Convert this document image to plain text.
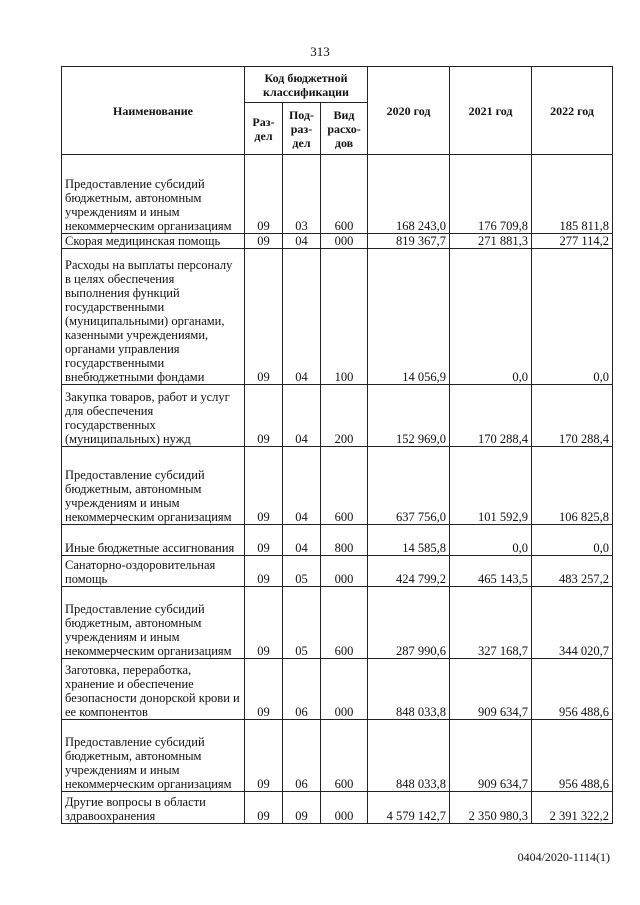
313
Наименование	Код бюджетной классификации			2020 год	2021 год	2022 год
	Раз-дел	Под-раз-дел	Вид расхо-дов			
Предоставление субсидий бюджетным, автономным учреждениям и иным некоммерческим организациям	09	03	600	168 243,0	176 709,8	185 811,8
Скорая медицинская помощь	09	04	000	819 367,7	271 881,3	277 114,2
Расходы на выплаты персоналу в целях обеспечения выполнения функций государственными (муниципальными) органами, казенными учреждениями, органами управления государственными внебюджетными фондами	09	04	100	14 056,9	0,0	0,0
Закупка товаров, работ и услуг для обеспечения государственных (муниципальных) нужд	09	04	200	152 969,0	170 288,4	170 288,4
Предоставление субсидий бюджетным, автономным учреждениям и иным некоммерческим организациям	09	04	600	637 756,0	101 592,9	106 825,8
Иные бюджетные ассигнования	09	04	800	14 585,8	0,0	0,0
Санаторно-оздоровительная помощь	09	05	000	424 799,2	465 143,5	483 257,2
Предоставление субсидий бюджетным, автономным учреждениям и иным некоммерческим организациям	09	05	600	287 990,6	327 168,7	344 020,7
Заготовка, переработка, хранение и обеспечение безопасности донорской крови и ее компонентов	09	06	000	848 033,8	909 634,7	956 488,6
Предоставление субсидий бюджетным, автономным учреждениям и иным некоммерческим организациям	09	06	600	848 033,8	909 634,7	956 488,6
Другие вопросы в области здравоохранения	09	09	000	4 579 142,7	2 350 980,3	2 391 322,2
0404/2020-1114(1)
